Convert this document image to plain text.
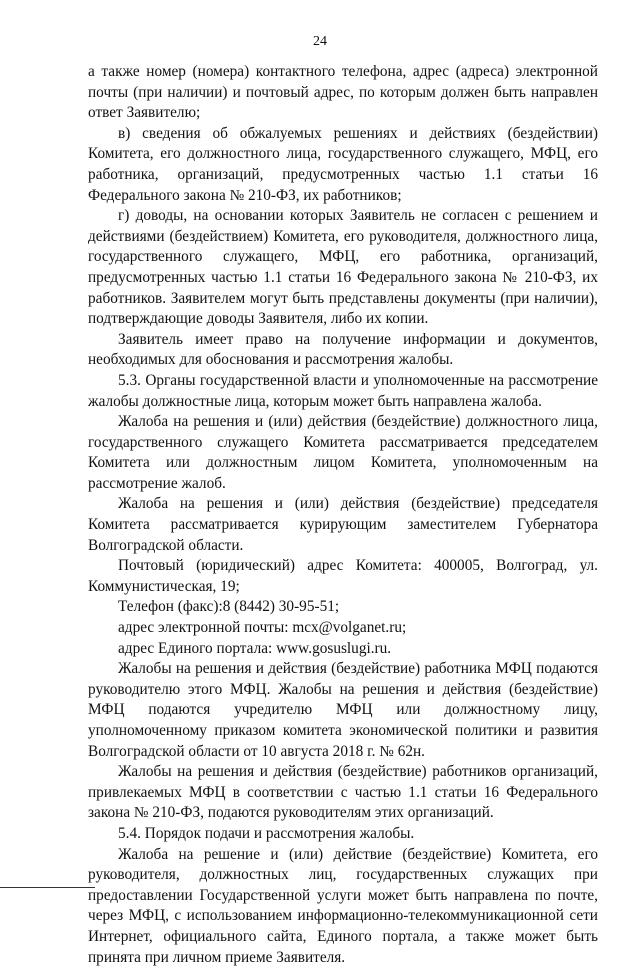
24

а также номер (номера) контактного телефона, адрес (адреса) электронной почты (при наличии) и почтовый адрес, по которым должен быть направлен ответ Заявителю;

в) сведения об обжалуемых решениях и действиях (бездействии) Комитета, его должностного лица, государственного служащего, МФЦ, его работника, организаций, предусмотренных частью 1.1 статьи 16 Федерального закона № 210-ФЗ, их работников;

г) доводы, на основании которых Заявитель не согласен с решением и действиями (бездействием) Комитета, его руководителя, должностного лица, государственного служащего, МФЦ, его работника, организаций, предусмотренных частью 1.1 статьи 16 Федерального закона № 210-ФЗ, их работников. Заявителем могут быть представлены документы (при наличии), подтверждающие доводы Заявителя, либо их копии.

Заявитель имеет право на получение информации и документов, необходимых для обоснования и рассмотрения жалобы.

5.3. Органы государственной власти и уполномоченные на рассмотрение жалобы должностные лица, которым может быть направлена жалоба.

Жалоба на решения и (или) действия (бездействие) должностного лица, государственного служащего Комитета рассматривается председателем Комитета или должностным лицом Комитета, уполномоченным на рассмотрение жалоб.

Жалоба на решения и (или) действия (бездействие) председателя Комитета рассматривается курирующим заместителем Губернатора Волгоградской области.

Почтовый (юридический) адрес Комитета: 400005, Волгоград, ул. Коммунистическая, 19;

Телефон (факс):8 (8442) 30-95-51;

адрес электронной почты: mcx@volganet.ru;

адрес Единого портала: www.gosuslugi.ru.

Жалобы на решения и действия (бездействие) работника МФЦ подаются руководителю этого МФЦ. Жалобы на решения и действия (бездействие) МФЦ подаются учредителю МФЦ или должностному лицу, уполномоченному приказом комитета экономической политики и развития Волгоградской области от 10 августа 2018 г. № 62н.

Жалобы на решения и действия (бездействие) работников организаций, привлекаемых МФЦ в соответствии с частью 1.1 статьи 16 Федерального закона № 210-ФЗ, подаются руководителям этих организаций.

5.4. Порядок подачи и рассмотрения жалобы.

Жалоба на решение и (или) действие (бездействие) Комитета, его руководителя, должностных лиц, государственных служащих при предоставлении Государственной услуги может быть направлена по почте, через МФЦ, с использованием информационно-телекоммуникационной сети Интернет, официального сайта, Единого портала, а также может быть принята при личном приеме Заявителя.
